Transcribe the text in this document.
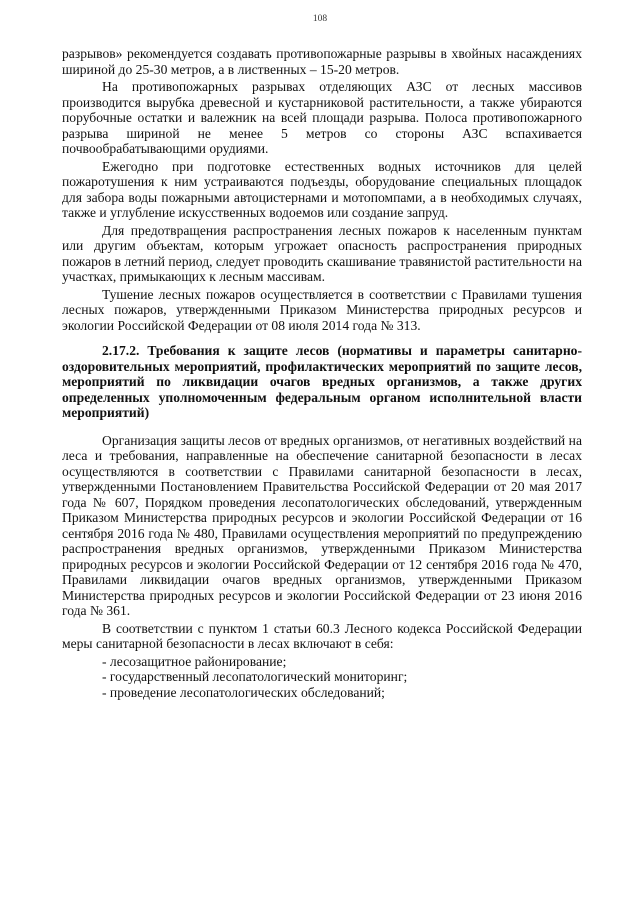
108

разрывов» рекомендуется создавать противопожарные разрывы в хвойных насаждениях шириной до 25-30 метров, а в лиственных – 15-20 метров.

На противопожарных разрывах отделяющих АЗС от лесных массивов производится вырубка древесной и кустарниковой растительности, а также убираются порубочные остатки и валежник на всей площади разрыва. Полоса противопожарного разрыва шириной не менее 5 метров со стороны АЗС вспахивается почвообрабатывающими орудиями.

Ежегодно при подготовке естественных водных источников для целей пожаротушения к ним устраиваются подъезды, оборудование специальных площадок для забора воды пожарными автоцистернами и мотопомпами, а в необходимых случаях, также и углубление искусственных водоемов или создание запруд.

Для предотвращения распространения лесных пожаров к населенным пунктам или другим объектам, которым угрожает опасность распространения природных пожаров в летний период, следует проводить скашивание травянистой растительности на участках, примыкающих к лесным массивам.

Тушение лесных пожаров осуществляется в соответствии с Правилами тушения лесных пожаров, утвержденными Приказом Министерства природных ресурсов и экологии Российской Федерации от 08 июля 2014 года № 313.

2.17.2. Требования к защите лесов (нормативы и параметры санитарно-оздоровительных мероприятий, профилактических мероприятий по защите лесов, мероприятий по ликвидации очагов вредных организмов, а также других определенных уполномоченным федеральным органом исполнительной власти мероприятий)

Организация защиты лесов от вредных организмов, от негативных воздействий на леса и требования, направленные на обеспечение санитарной безопасности в лесах осуществляются в соответствии с Правилами санитарной безопасности в лесах, утвержденными Постановлением Правительства Российской Федерации от 20 мая 2017 года № 607, Порядком проведения лесопатологических обследований, утвержденным Приказом Министерства природных ресурсов и экологии Российской Федерации от 16 сентября 2016 года № 480, Правилами осуществления мероприятий по предупреждению распространения вредных организмов, утвержденными Приказом Министерства природных ресурсов и экологии Российской Федерации от 12 сентября 2016 года № 470, Правилами ликвидации очагов вредных организмов, утвержденными Приказом Министерства природных ресурсов и экологии Российской Федерации от 23 июня 2016 года № 361.

В соответствии с пунктом 1 статьи 60.3 Лесного кодекса Российской Федерации меры санитарной безопасности в лесах включают в себя:

- лесозащитное районирование;

- государственный лесопатологический мониторинг;

- проведение лесопатологических обследований;
